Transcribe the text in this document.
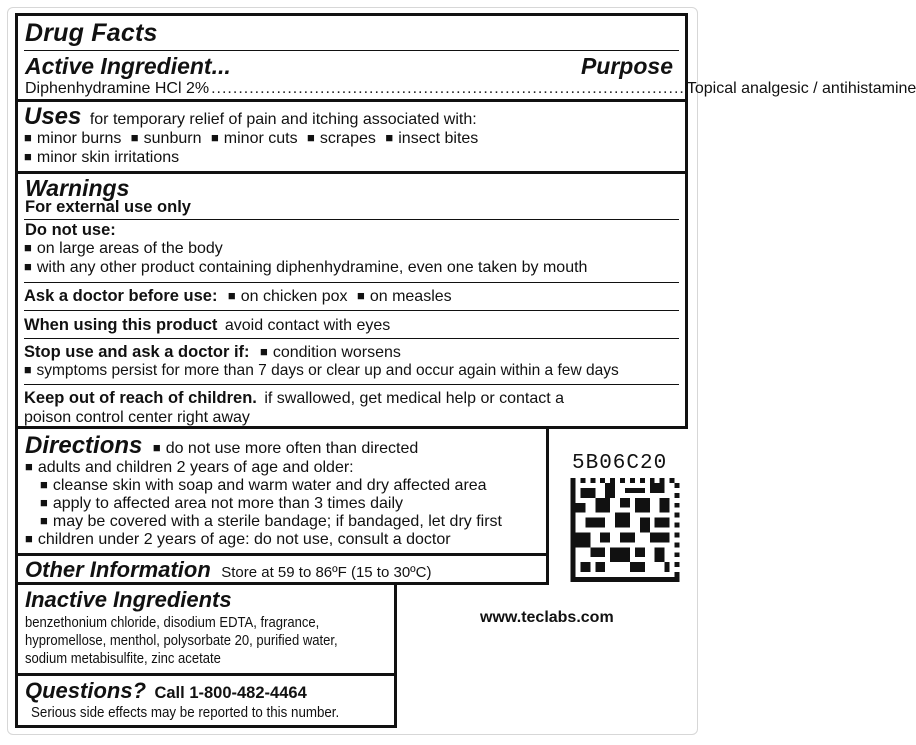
Drug Facts
Active Ingredient...	Purpose
Diphenhydramine HCl 2% ....................................................................................... Topical analgesic / antihistamine
Uses for temporary relief of pain and itching associated with:
■ minor burns ■ sunburn ■ minor cuts ■ scrapes ■ insect bites
■ minor skin irritations
Warnings
For external use only
Do not use:
■ on large areas of the body
■ with any other product containing diphenhydramine, even one taken by mouth
Ask a doctor before use: ■ on chicken pox ■ on measles
When using this product avoid contact with eyes
Stop use and ask a doctor if: ■ condition worsens
■ symptoms persist for more than 7 days or clear up and occur again within a few days
Keep out of reach of children. if swallowed, get medical help or contact a
poison control center right away
Directions ■ do not use more often than directed
■ adults and children 2 years of age and older:
■ cleanse skin with soap and warm water and dry affected area
■ apply to affected area not more than 3 times daily
■ may be covered with a sterile bandage; if bandaged, let dry first
■ children under 2 years of age: do not use, consult a doctor
Other Information Store at 59 to 86ºF (15 to 30ºC)
Inactive Ingredients
benzethonium chloride, disodium EDTA, fragrance,
hypromellose, menthol, polysorbate 20, purified water,
sodium metabisulfite, zinc acetate
Questions? Call 1-800-482-4464
Serious side effects may be reported to this number.
www.teclabs.com
5B06C20
